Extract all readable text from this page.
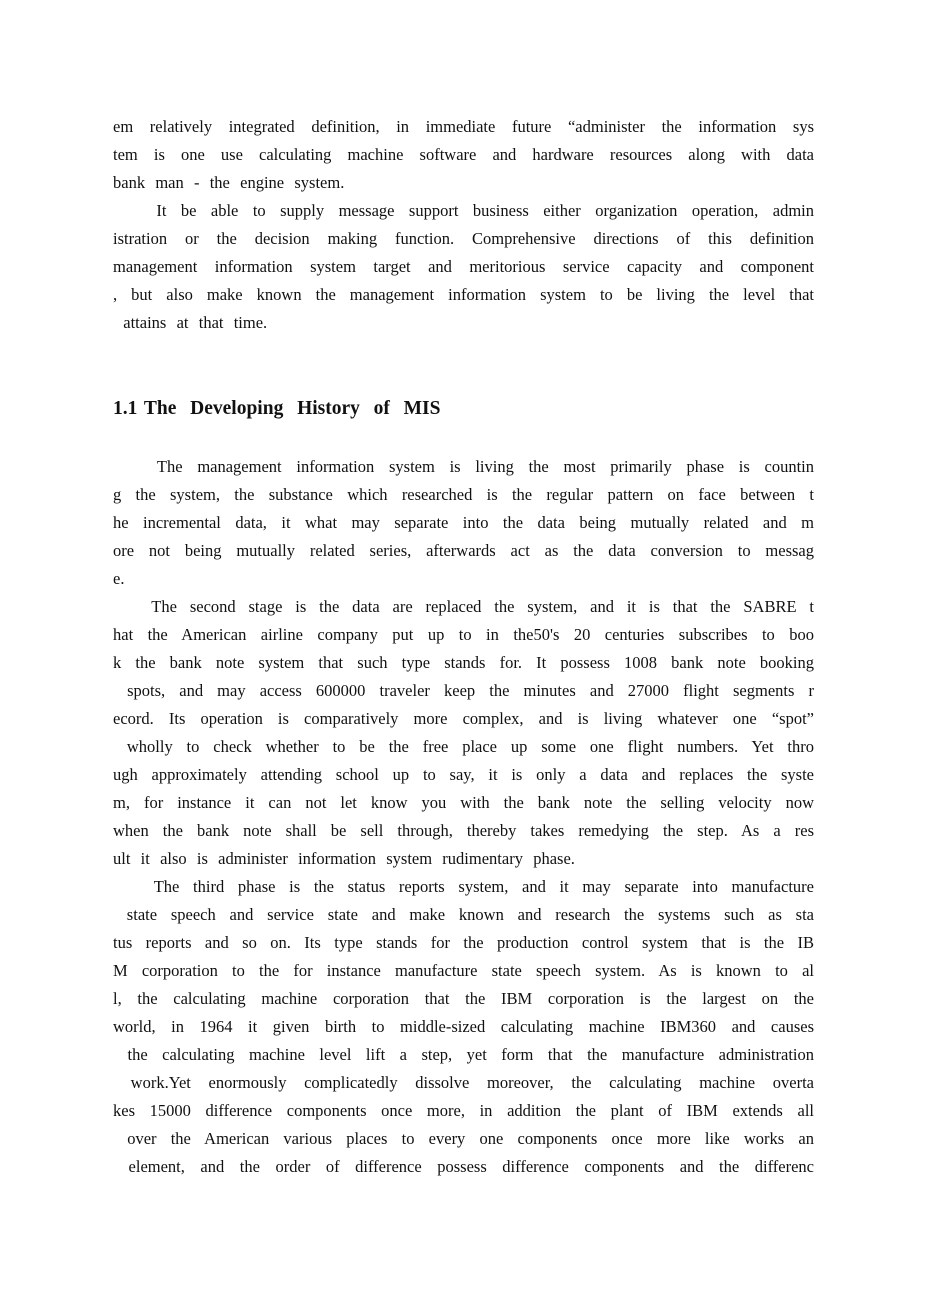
em  relatively  integrated  definition,  in  immediate  future  “administer  the  information  sys
tem  is  one  use  calculating  machine  software  and  hardware  resources  along  with  data
bank  man  -  the  engine  system.
It  be  able  to  supply  message  support  business  either  organization  operation,  admin
istration  or  the  decision  making  function.  Comprehensive  directions  of  this  definition
management  information  system  target  and  meritorious  service  capacity  and  component
,  but  also  make  known  the  management  information  system  to  be  living  the  level  that
attains  at  that  time.
1.1 The  Developing  History  of  MIS
The  management  information  system  is  living  the  most  primarily  phase  is  countin
g  the  system,  the  substance  which  researched  is  the  regular  pattern  on  face  between  t
he  incremental  data,  it  what  may  separate  into  the  data  being  mutually  related  and  m
ore  not  being  mutually  related  series,  afterwards  act  as  the  data  conversion  to  messag
e.
The  second  stage  is  the  data  are  replaced  the  system,  and  it  is  that  the  SABRE  t
hat  the  American  airline  company  put  up  to  in  the50's  20  centuries  subscribes  to  boo
k  the  bank  note  system  that  such  type  stands  for.  It  possess  1008  bank  note  booking
spots,  and  may  access  600000  traveler  keep  the  minutes  and  27000  flight  segments  r
ecord.  Its  operation  is  comparatively  more  complex,  and  is  living  whatever  one  “spot”
wholly  to  check  whether  to  be  the  free  place  up  some  one  flight  numbers.  Yet  thro
ugh  approximately  attending  school  up  to  say,  it  is  only  a  data  and  replaces  the  syste
m,  for  instance  it  can  not  let  know  you  with  the  bank  note  the  selling  velocity  now
when  the  bank  note  shall  be  sell  through,  thereby  takes  remedying  the  step.  As  a  res
ult  it  also  is  administer  information  system  rudimentary  phase.
The  third  phase  is  the  status  reports  system,  and  it  may  separate  into  manufacture
state  speech  and  service  state  and  make  known  and  research  the  systems  such  as  sta
tus  reports  and  so  on.  Its  type  stands  for  the  production  control  system  that  is  the  IB
M  corporation  to  the  for  instance  manufacture  state  speech  system.  As  is  known  to  al
l,  the  calculating  machine  corporation  that  the  IBM  corporation  is  the  largest  on  the
world,  in  1964  it  given  birth  to  middle-sized  calculating  machine  IBM360  and  causes
the  calculating  machine  level  lift  a  step,  yet  form  that  the  manufacture  administration
work.Yet  enormously  complicatedly  dissolve  moreover,  the  calculating  machine  overta
kes  15000  difference  components  once  more,  in  addition  the  plant  of  IBM  extends  all
over  the  American  various  places  to  every  one  components  once  more  like  works  an
element,  and  the  order  of  difference  possess  difference  components  and  the  differenc
